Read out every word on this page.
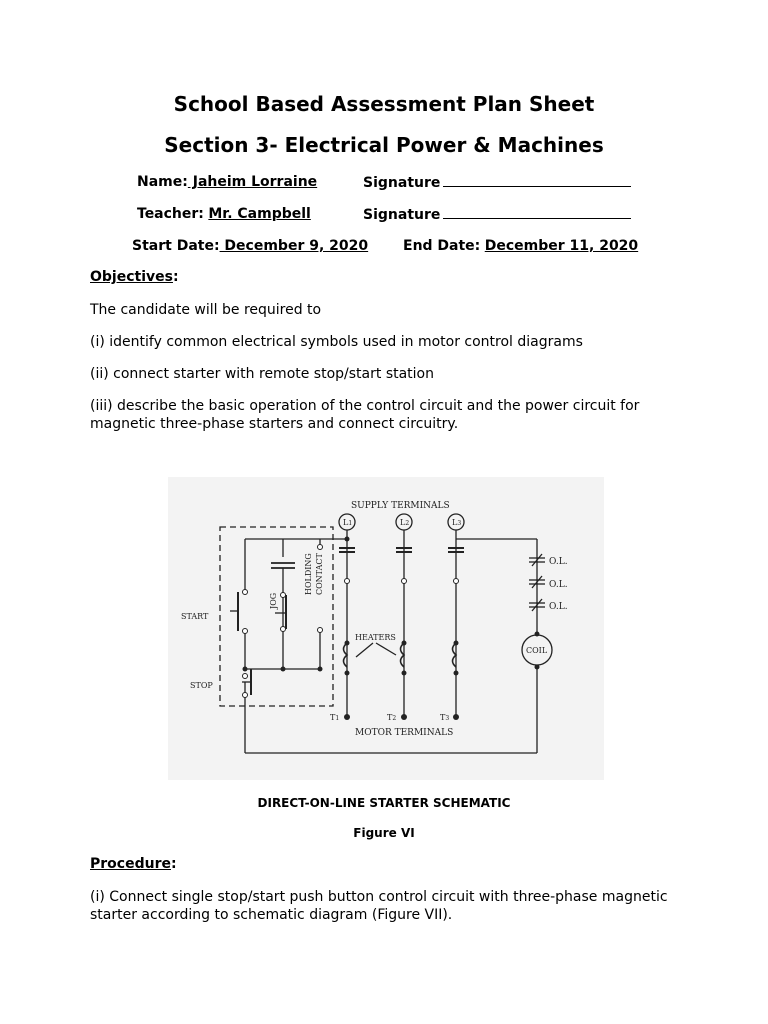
School Based Assessment Plan Sheet
Section 3- Electrical Power & Machines
Name: Jaheim Lorraine	Signature
Teacher: Mr. Campbell	Signature
Start Date: December 9, 2020 End Date: December 11, 2020
Objectives:
The candidate will be required to
(i) identify common electrical symbols used in motor control diagrams
(ii) connect starter with remote stop/start station
(iii) describe the basic operation of the control circuit and the power circuit for magnetic three-phase starters and connect circuitry.
SUPPLY TERMINALS
L1	L2	L3
O.L.
O.L.
O.L.
COIL
HEATERS
HOLDING CONTACT
JOG
START
STOP
T1	T2	T3
MOTOR TERMINALS
DIRECT-ON-LINE STARTER SCHEMATIC
Figure VI
Procedure:
(i) Connect single stop/start push button control circuit with three-phase magnetic starter according to schematic diagram (Figure VII).
